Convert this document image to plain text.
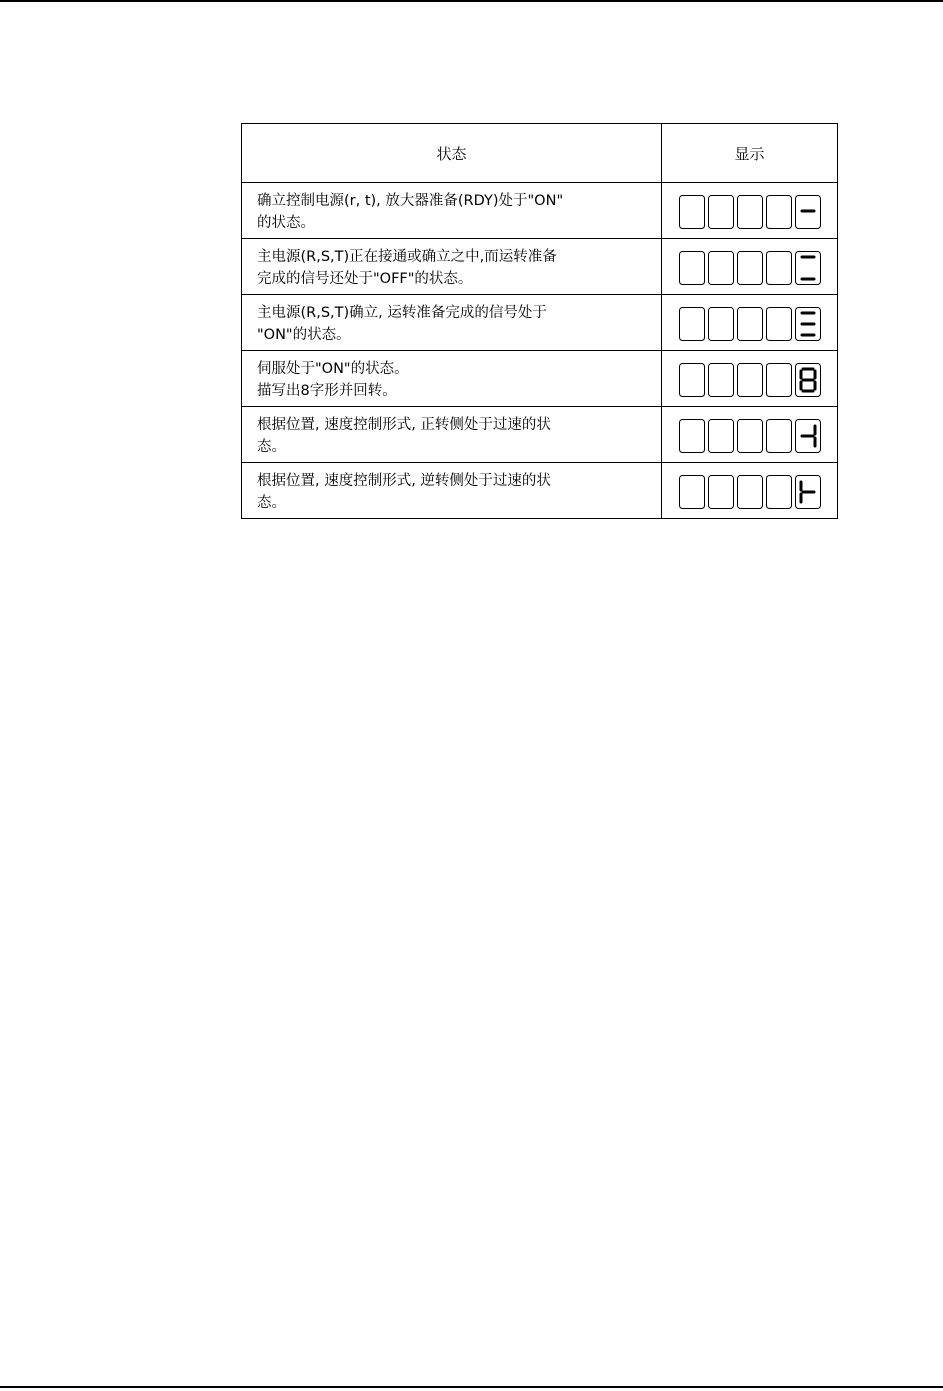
状态	显示

确立控制电源(r, t), 放大器准备(RDY)处于"ON"
的状态。

主电源(R,S,T)正在接通或确立之中,而运转准备
完成的信号还处于"OFF"的状态。

主电源(R,S,T)确立, 运转准备完成的信号处于
"ON"的状态。

伺服处于"ON"的状态。
描写出8字形并回转。

根据位置, 速度控制形式, 正转侧处于过速的状
态。

根据位置, 速度控制形式, 逆转侧处于过速的状
态。
